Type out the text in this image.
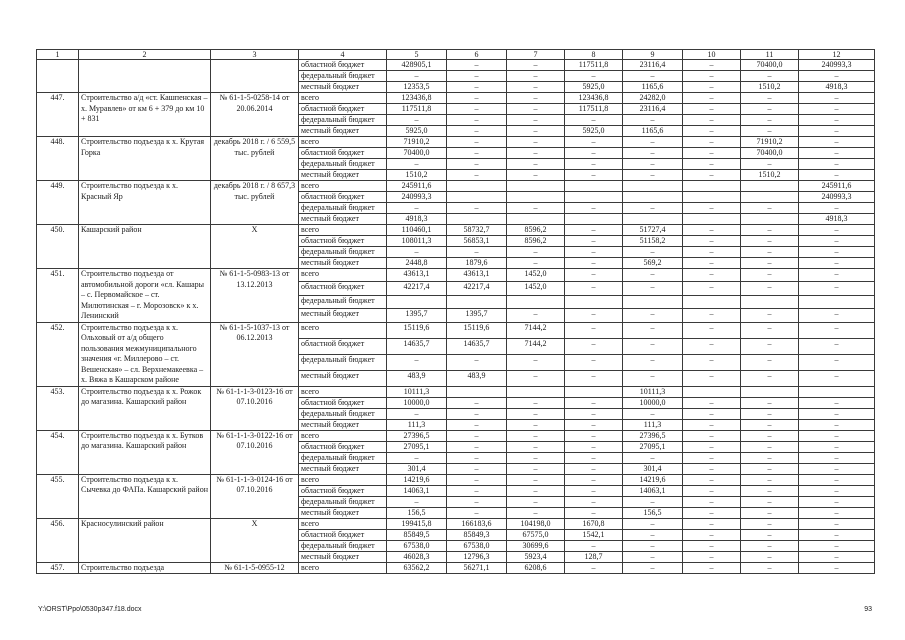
1	2	3	4	5	6	7	8	9	10	11	12
			областной бюджет	428905,1	–	–	117511,8	23116,4	–	70400,0	240993,3
			федеральный бюджет	–	–	–	–	–	–	–	–
			местный бюджет	12353,5	–	–	5925,0	1165,6	–	1510,2	4918,3
447.	Строительство а/д «ст. Кашпенская – х. Муравлев» от км 6 + 379 до км 10 + 831	№ 61-1-5-0258-14 от 20.06.2014	всего	123436,8	–	–	123436,8	24282,0	–	–	–
			областной бюджет	117511,8	–	–	117511,8	23116,4	–	–	–
			федеральный бюджет	–	–	–	–	–	–	–	–
			местный бюджет	5925,0	–	–	5925,0	1165,6	–	–	–
448.	Строительство подъезда к х. Крутая Горка	декабрь 2018 г. / 6 559,5 тыс. рублей	всего	71910,2	–	–	–	–	–	71910,2	–
			областной бюджет	70400,0	–	–	–	–	–	70400,0	–
			федеральный бюджет	–	–	–	–	–	–	–	–
			местный бюджет	1510,2	–	–	–	–	–	1510,2	–
449.	Строительство подъезда к х. Красный Яр	декабрь 2018 г. / 8 657,3 тыс. рублей	всего	245911,6							245911,6
			областной бюджет	240993,3							240993,3
			федеральный бюджет	–	–	–	–	–	–	–	–
			местный бюджет	4918,3							4918,3
450.	Кашарский район	Х	всего	110460,1	58732,7	8596,2	–	51727,4	–	–	–
			областной бюджет	108011,3	56853,1	8596,2	–	51158,2	–	–	–
			федеральный бюджет	–	–	–	–	–	–	–	–
			местный бюджет	2448,8	1879,6	–	–	569,2	–	–	–
451.	Строительство подъезда от автомобильной дороги «сл. Кашары – с. Первомайское – ст. Милютинская – г. Морозовск» к х. Ленинский	№ 61-1-5-0983-13 от 13.12.2013	всего	43613,1	43613,1	1452,0	–	–	–	–	–
			областной бюджет	42217,4	42217,4	1452,0	–	–	–	–	–
			федеральный бюджет								
			местный бюджет	1395,7	1395,7	–	–	–	–	–	–
452.	Строительство подъезда к х. Ольховый от а/д общего пользования межмуниципального значения «г. Миллерово – ст. Вешенская» – сл. Верхнемакеевка – х. Вяжа в Кашарском районе	№ 61-1-5-1037-13 от 06.12.2013	всего	15119,6	15119,6	7144,2	–	–	–	–	–
			областной бюджет	14635,7	14635,7	7144,2	–	–	–	–	–
			федеральный бюджет	–	–	–	–	–	–	–	–
			местный бюджет	483,9	483,9	–	–	–	–	–	–
453.	Строительство подъезда к х. Рожок до магазина. Кашарский район	№ 61-1-1-3-0123-16 от 07.10.2016	всего	10111,3				10111,3			
			областной бюджет	10000,0	–	–	–	10000,0	–	–	–
			федеральный бюджет	–	–	–	–	–	–	–	–
			местный бюджет	111,3	–	–	–	111,3	–	–	–
454.	Строительство подъезда к х. Бутков до магазина. Кашарский район	№ 61-1-1-3-0122-16 от 07.10.2016	всего	27396,5	–	–	–	27396,5	–	–	–
			областной бюджет	27095,1	–	–	–	27095,1	–	–	–
			федеральный бюджет	–	–	–	–	–	–	–	–
			местный бюджет	301,4	–	–	–	301,4	–	–	–
455.	Строительство подъезда к х. Сычевка до ФАПа. Кашарский район	№ 61-1-1-3-0124-16 от 07.10.2016	всего	14219,6	–	–	–	14219,6	–	–	–
			областной бюджет	14063,1	–	–	–	14063,1	–	–	–
			федеральный бюджет	–	–	–	–	–	–	–	–
			местный бюджет	156,5	–	–	–	156,5	–	–	–
456.	Красносулинский район	Х	всего	199415,8	166183,6	104198,0	1670,8	–	–	–	–
			областной бюджет	85849,5	85849,3	67575,0	1542,1	–	–	–	–
			федеральный бюджет	67538,0	67538,0	30699,6	–	–	–	–	–
			местный бюджет	46028,3	12796,3	5923,4	128,7	–	–	–	–
457.	Строительство подъезда	№ 61-1-5-0955-12	всего	63562,2	56271,1	6208,6	–	–	–	–	–
Y:\ORST\Ppo\0530p347.f18.docx	93
